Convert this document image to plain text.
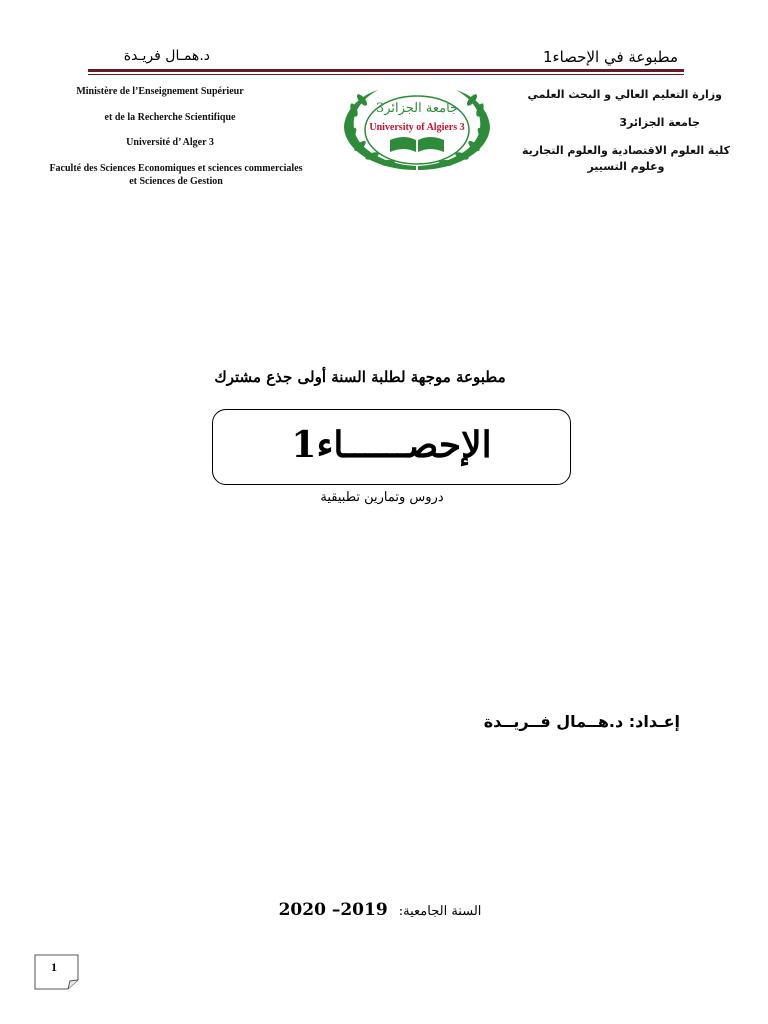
مطبوعة في الإحصاء1
د.همـال فريـدة
Ministère de l’Enseignement Supérieur
et de la Recherche Scientifique
Université d’ Alger 3
Faculté des Sciences Economiques et sciences commerciales
et Sciences de Gestion
وزارة التعليم العالي و البحث العلمي
جامعة الجزائر3
كلية العلوم الاقتصادية والعلوم التجارية
وعلوم التسيير
جامعة الجزائر3
University of Algiers 3
مطبوعة موجهة لطلبة السنة أولى جذع مشترك
الإحصــــــاء1
دروس وتمارين تطبيقية
إعـداد: د.هــمال فــريــدة
السنة الجامعية: 2019– 2020
1
